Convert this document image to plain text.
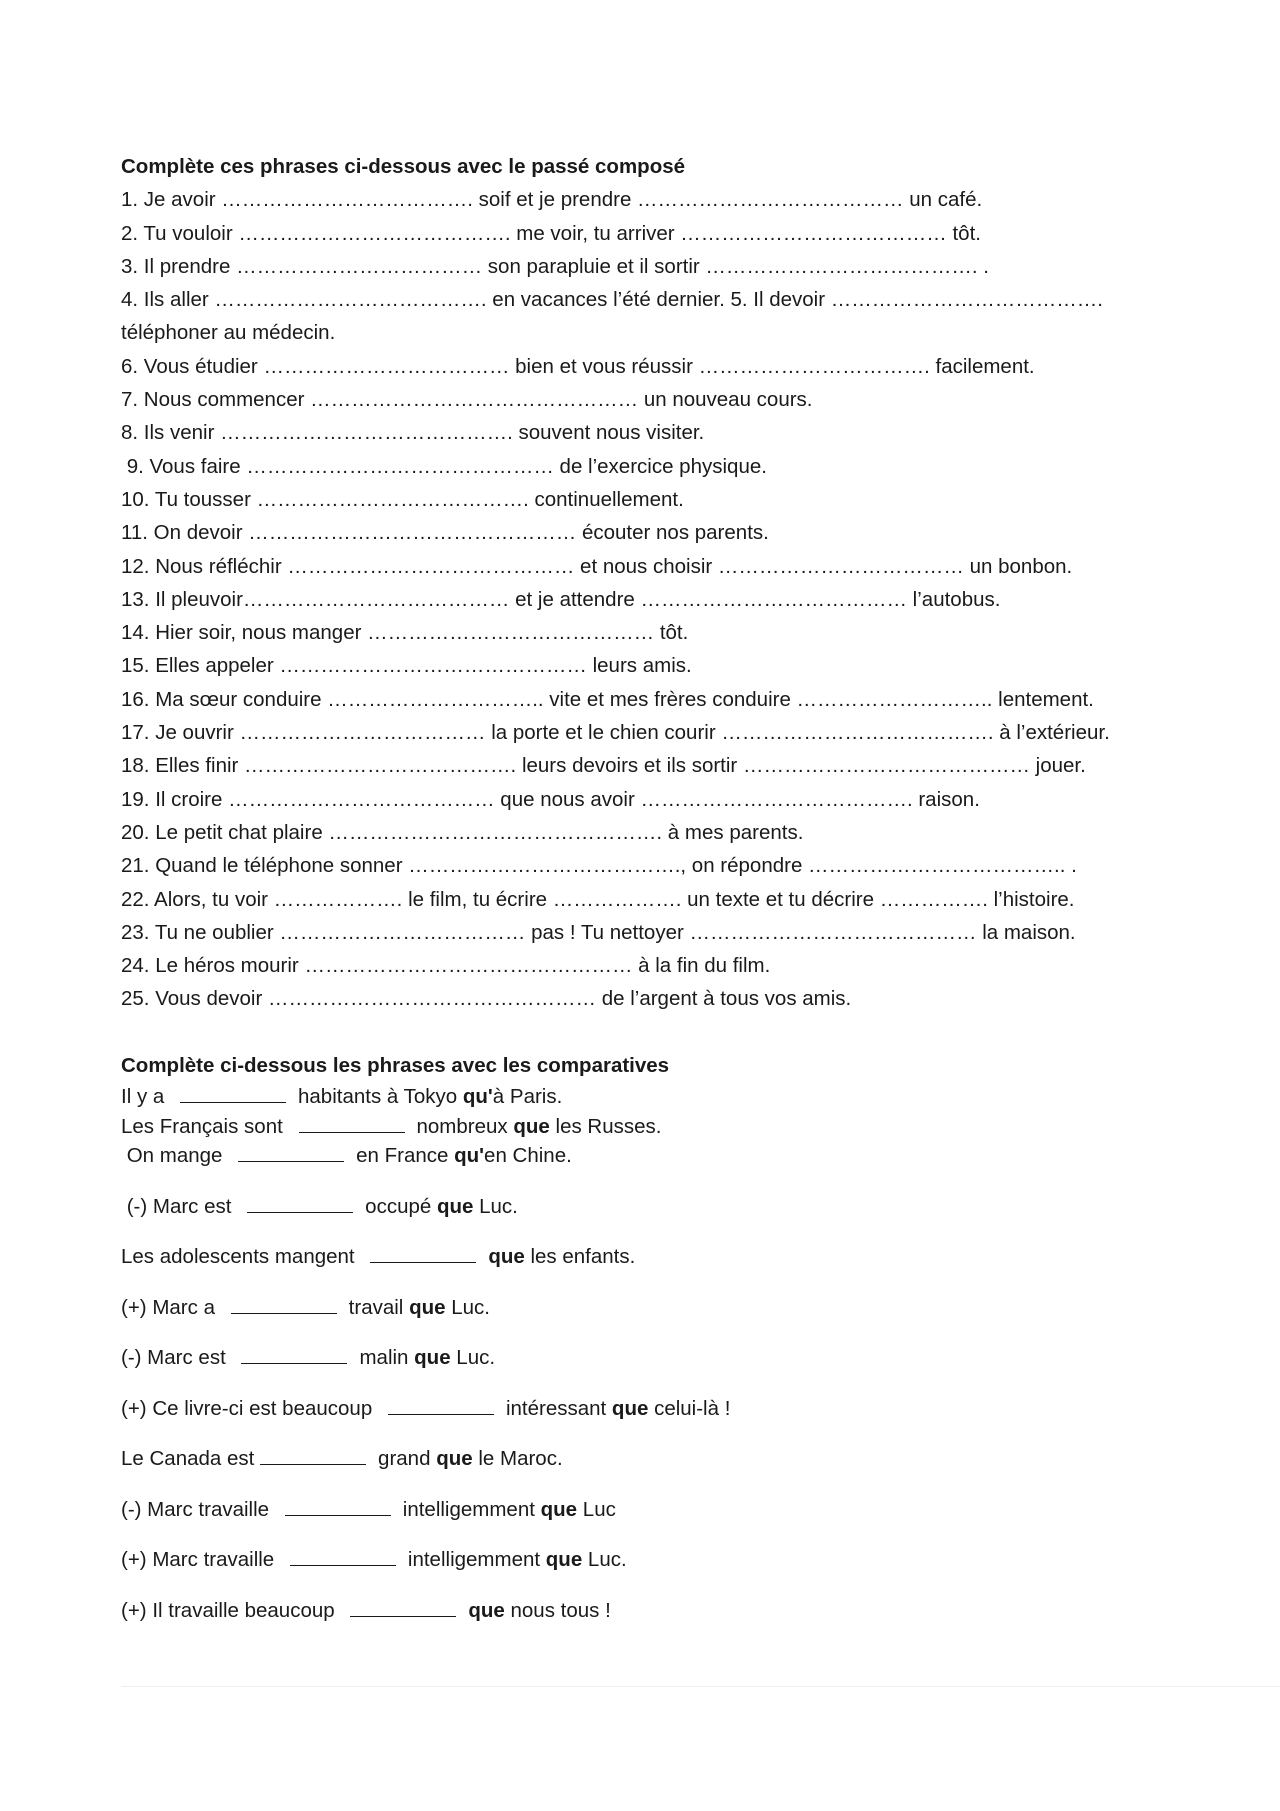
Complète ces phrases ci-dessous avec le passé composé

1. Je avoir ………………………………. soif et je prendre ………………………………… un café.

2. Tu vouloir …………………………………. me voir, tu arriver ………………………………… tôt.

3. Il prendre ……………………………… son parapluie et il sortir …………………………………. .

4. Ils aller …………………………………. en vacances l’été dernier. 5. Il devoir ………………………………….

téléphoner au médecin.

6. Vous étudier ……………………………… bien et vous réussir ……………………………. facilement.

7. Nous commencer ………………………………………… un nouveau cours.

8. Ils venir ……………………………………. souvent nous visiter.

9. Vous faire ……………………………………… de l’exercice physique.

10. Tu tousser …………………………………. continuellement.

11. On devoir ………………………………………… écouter nos parents.

12. Nous réfléchir …………………………………… et nous choisir ……………………………… un bonbon.

13. Il pleuvoir………………………………… et je attendre ………………………………… l’autobus.

14. Hier soir, nous manger …………………………………… tôt.

15. Elles appeler ……………………………………… leurs amis.

16. Ma sœur conduire ………………………….. vite et mes frères conduire ……………………….. lentement.

17. Je ouvrir ……………………………… la porte et le chien courir …………………………………. à l’extérieur.

18. Elles finir …………………………………. leurs devoirs et ils sortir …………………………………… jouer.

19. Il croire ………………………………… que nous avoir …………………………………. raison.

20. Le petit chat plaire …………………………………………. à mes parents.

21. Quand le téléphone sonner …………………………………., on répondre ……………………………….. .

22. Alors, tu voir ………………. le film, tu écrire ………………. un texte et tu décrire ……………. l’histoire.

23. Tu ne oublier ……………………………… pas ! Tu nettoyer …………………………………… la maison.

24. Le héros mourir ………………………………………… à la fin du film.

25. Vous devoir ………………………………………… de l’argent à tous vos amis.

Complète ci-dessous les phrases avec les comparatives

Il y a	habitants à Tokyo qu'à Paris.

Les Français sont	nombreux que les Russes.

On mange	en France qu'en Chine.

(-) Marc est	occupé que Luc.

Les adolescents mangent	que les enfants.

(+) Marc a	travail que Luc.

(-) Marc est	malin que Luc.

(+) Ce livre-ci est beaucoup	intéressant que celui-là !

Le Canada est	grand que le Maroc.

(-) Marc travaille	intelligemment que Luc

(+) Marc travaille	intelligemment que Luc.

(+) Il travaille beaucoup	que nous tous !
